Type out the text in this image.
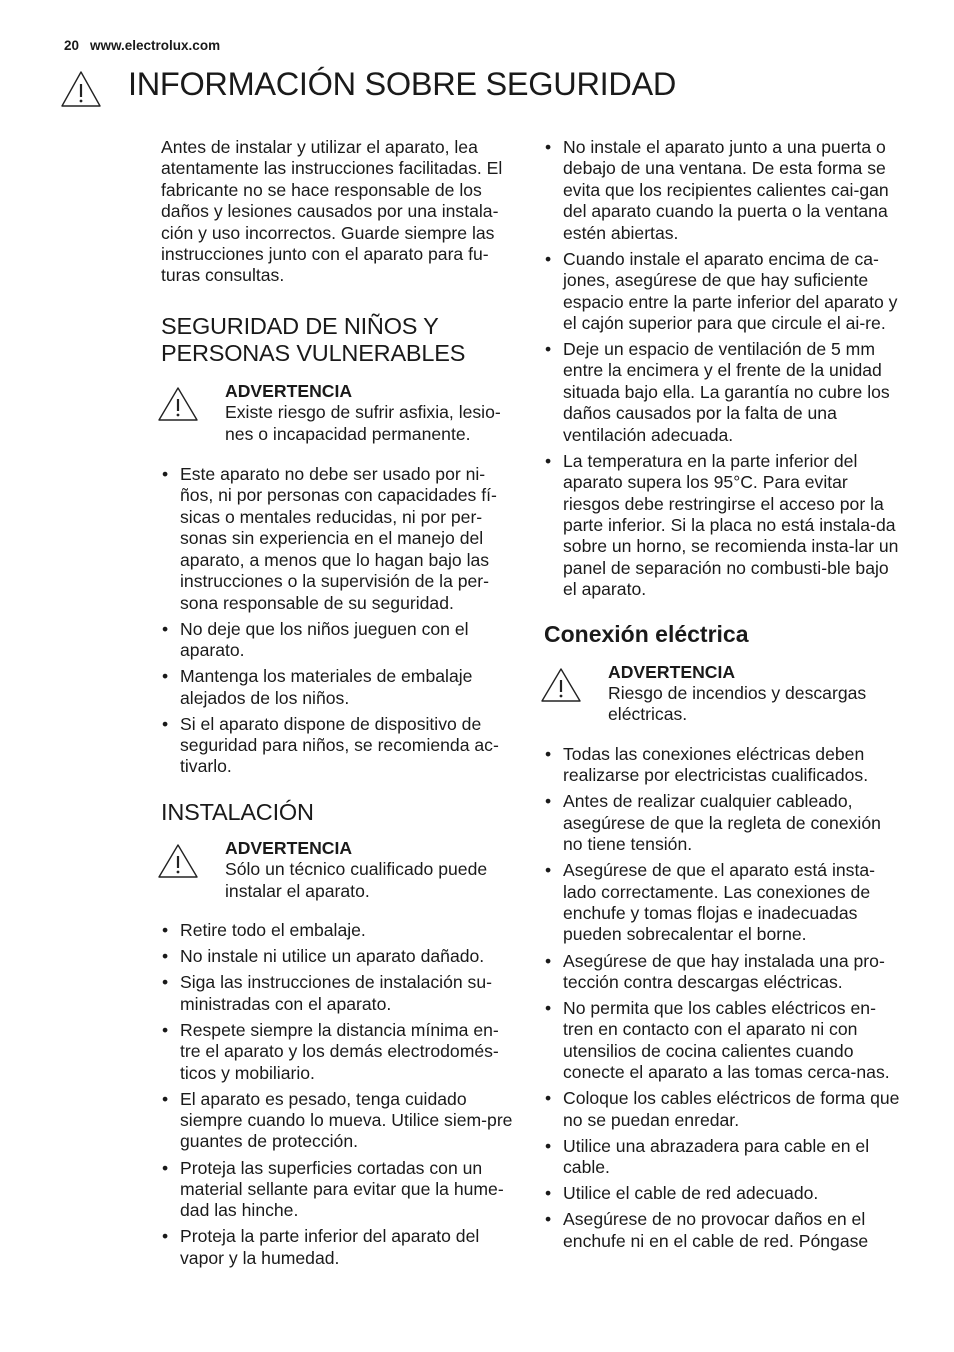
20 www.electrolux.com
INFORMACIÓN SOBRE SEGURIDAD

Antes de instalar y utilizar el aparato, lea atentamente las instrucciones facilitadas. El fabricante no se hace responsable de los daños y lesiones causados por una instala-ción y uso incorrectos. Guarde siempre las instrucciones junto con el aparato para fu-turas consultas.

SEGURIDAD DE NIÑOS Y
PERSONAS VULNERABLES
ADVERTENCIA
Existe riesgo de sufrir asfixia, lesio-nes o incapacidad permanente.
• Este aparato no debe ser usado por ni-ños, ni por personas con capacidades fí-sicas o mentales reducidas, ni por per-sonas sin experiencia en el manejo del aparato, a menos que lo hagan bajo las instrucciones o la supervisión de la per-sona responsable de su seguridad.
• No deje que los niños jueguen con el aparato.
• Mantenga los materiales de embalaje alejados de los niños.
• Si el aparato dispone de dispositivo de seguridad para niños, se recomienda ac-tivarlo.
INSTALACIÓN
ADVERTENCIA
Sólo un técnico cualificado puede instalar el aparato.
• Retire todo el embalaje.
• No instale ni utilice un aparato dañado.
• Siga las instrucciones de instalación su-ministradas con el aparato.
• Respete siempre la distancia mínima en-tre el aparato y los demás electrodomés-ticos y mobiliario.
• El aparato es pesado, tenga cuidado siempre cuando lo mueva. Utilice siem-pre guantes de protección.
• Proteja las superficies cortadas con un material sellante para evitar que la hume-dad las hinche.
• Proteja la parte inferior del aparato del vapor y la humedad.
• No instale el aparato junto a una puerta o debajo de una ventana. De esta forma se evita que los recipientes calientes cai-gan del aparato cuando la puerta o la ventana estén abiertas.
• Cuando instale el aparato encima de ca-jones, asegúrese de que hay suficiente espacio entre la parte inferior del aparato y el cajón superior para que circule el ai-re.
• Deje un espacio de ventilación de 5 mm entre la encimera y el frente de la unidad situada bajo ella. La garantía no cubre los daños causados por la falta de una ventilación adecuada.
• La temperatura en la parte inferior del aparato supera los 95°C. Para evitar riesgos debe restringirse el acceso por la parte inferior. Si la placa no está instala-da sobre un horno, se recomienda insta-lar un panel de separación no combusti-ble bajo el aparato.
Conexión eléctrica
ADVERTENCIA
Riesgo de incendios y descargas eléctricas.
• Todas las conexiones eléctricas deben realizarse por electricistas cualificados.
• Antes de realizar cualquier cableado, asegúrese de que la regleta de conexión no tiene tensión.
• Asegúrese de que el aparato está insta-lado correctamente. Las conexiones de enchufe y tomas flojas e inadecuadas pueden sobrecalentar el borne.
• Asegúrese de que hay instalada una pro-tección contra descargas eléctricas.
• No permita que los cables eléctricos en-tren en contacto con el aparato ni con utensilios de cocina calientes cuando conecte el aparato a las tomas cerca-nas.
• Coloque los cables eléctricos de forma que no se puedan enredar.
• Utilice una abrazadera para cable en el cable.
• Utilice el cable de red adecuado.
• Asegúrese de no provocar daños en el enchufe ni en el cable de red. Póngase
